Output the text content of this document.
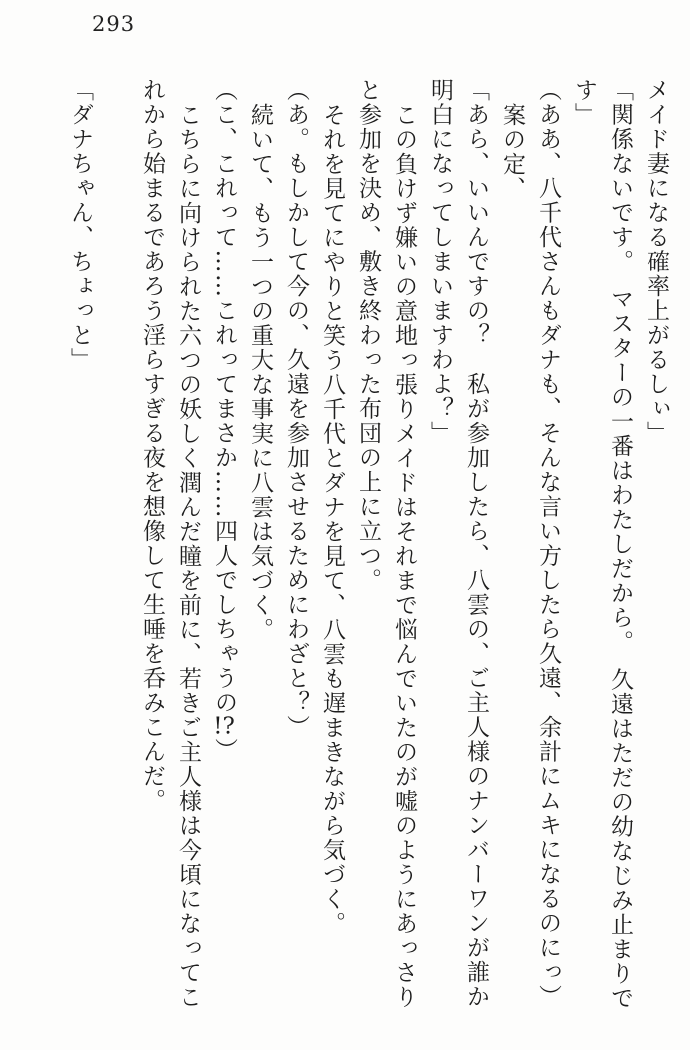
293

メイド妻になる確率上がるしぃ」

「関係ないです。　マスターの一番はわたしだから。　久遠はただの幼なじみ止まりで

す」

（ああ、八千代さんもダナも、そんな言い方したら久遠、余計にムキになるのにっ）

案の定、

「あら、いいんですの？　私が参加したら、八雲の、ご主人様のナンバーワンが誰か

明白になってしまいますわよ？」

この負けず嫌いの意地っ張りメイドはそれまで悩んでいたのが嘘のようにあっさり

と参加を決め、敷き終わった布団の上に立つ。

それを見てにやりと笑う八千代とダナを見て、八雲も遅まきながら気づく。

（あ。もしかして今の、久遠を参加させるためにわざと？）

続いて、もう一つの重大な事実に八雲は気づく。

（こ、これって……これってまさか……四人でしちゃうの!?）

こちらに向けられた六つの妖しく潤んだ瞳を前に、若きご主人様は今頃になってこ

れから始まるであろう淫らすぎる夜を想像して生唾を呑みこんだ。

「ダナちゃん、ちょっと」
